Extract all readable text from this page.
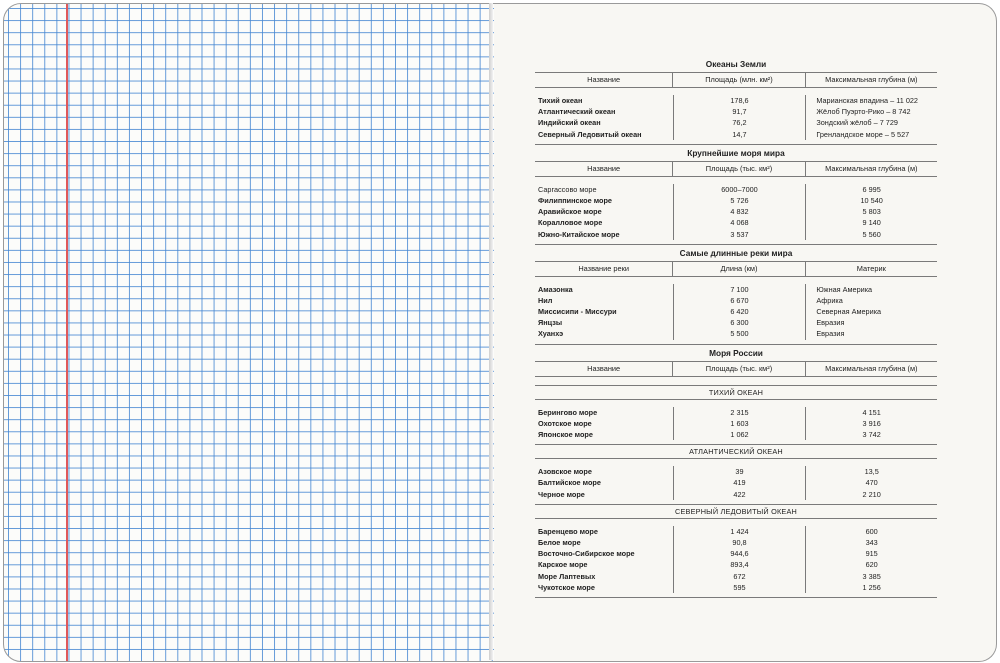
Океаны Земли
Название	Площадь (млн. км²)	Максимальная глубина (м)
Тихий океан	178,6	Марианская впадина – 11 022
Атлантический океан	91,7	Жёлоб Пуэрто-Рико – 8 742
Индийский океан	76,2	Зондский жёлоб – 7 729
Северный Ледовитый океан	14,7	Гренландское море – 5 527
Крупнейшие моря мира
Название	Площадь (тыс. км²)	Максимальная глубина (м)
Саргассово море	6000–7000	6 995
Филиппинское море	5 726	10 540
Аравийское море	4 832	5 803
Коралловое море	4 068	9 140
Южно-Китайское море	3 537	5 560
Самые длинные реки мира
Название реки	Длина (км)	Материк
Амазонка	7 100	Южная Америка
Нил	6 670	Африка
Миссисипи - Миссури	6 420	Северная Америка
Янцзы	6 300	Евразия
Хуанхэ	5 500	Евразия
Моря России
Название	Площадь (тыс. км²)	Максимальная глубина (м)
ТИХИЙ ОКЕАН
Берингово море	2 315	4 151
Охотское море	1 603	3 916
Японское море	1 062	3 742
АТЛАНТИЧЕСКИЙ ОКЕАН
Азовское море	39	13,5
Балтийское море	419	470
Черное море	422	2 210
СЕВЕРНЫЙ ЛЕДОВИТЫЙ ОКЕАН
Баренцево море	1 424	600
Белое море	90,8	343
Восточно-Сибирское море	944,6	915
Карское море	893,4	620
Море Лаптевых	672	3 385
Чукотское море	595	1 256
